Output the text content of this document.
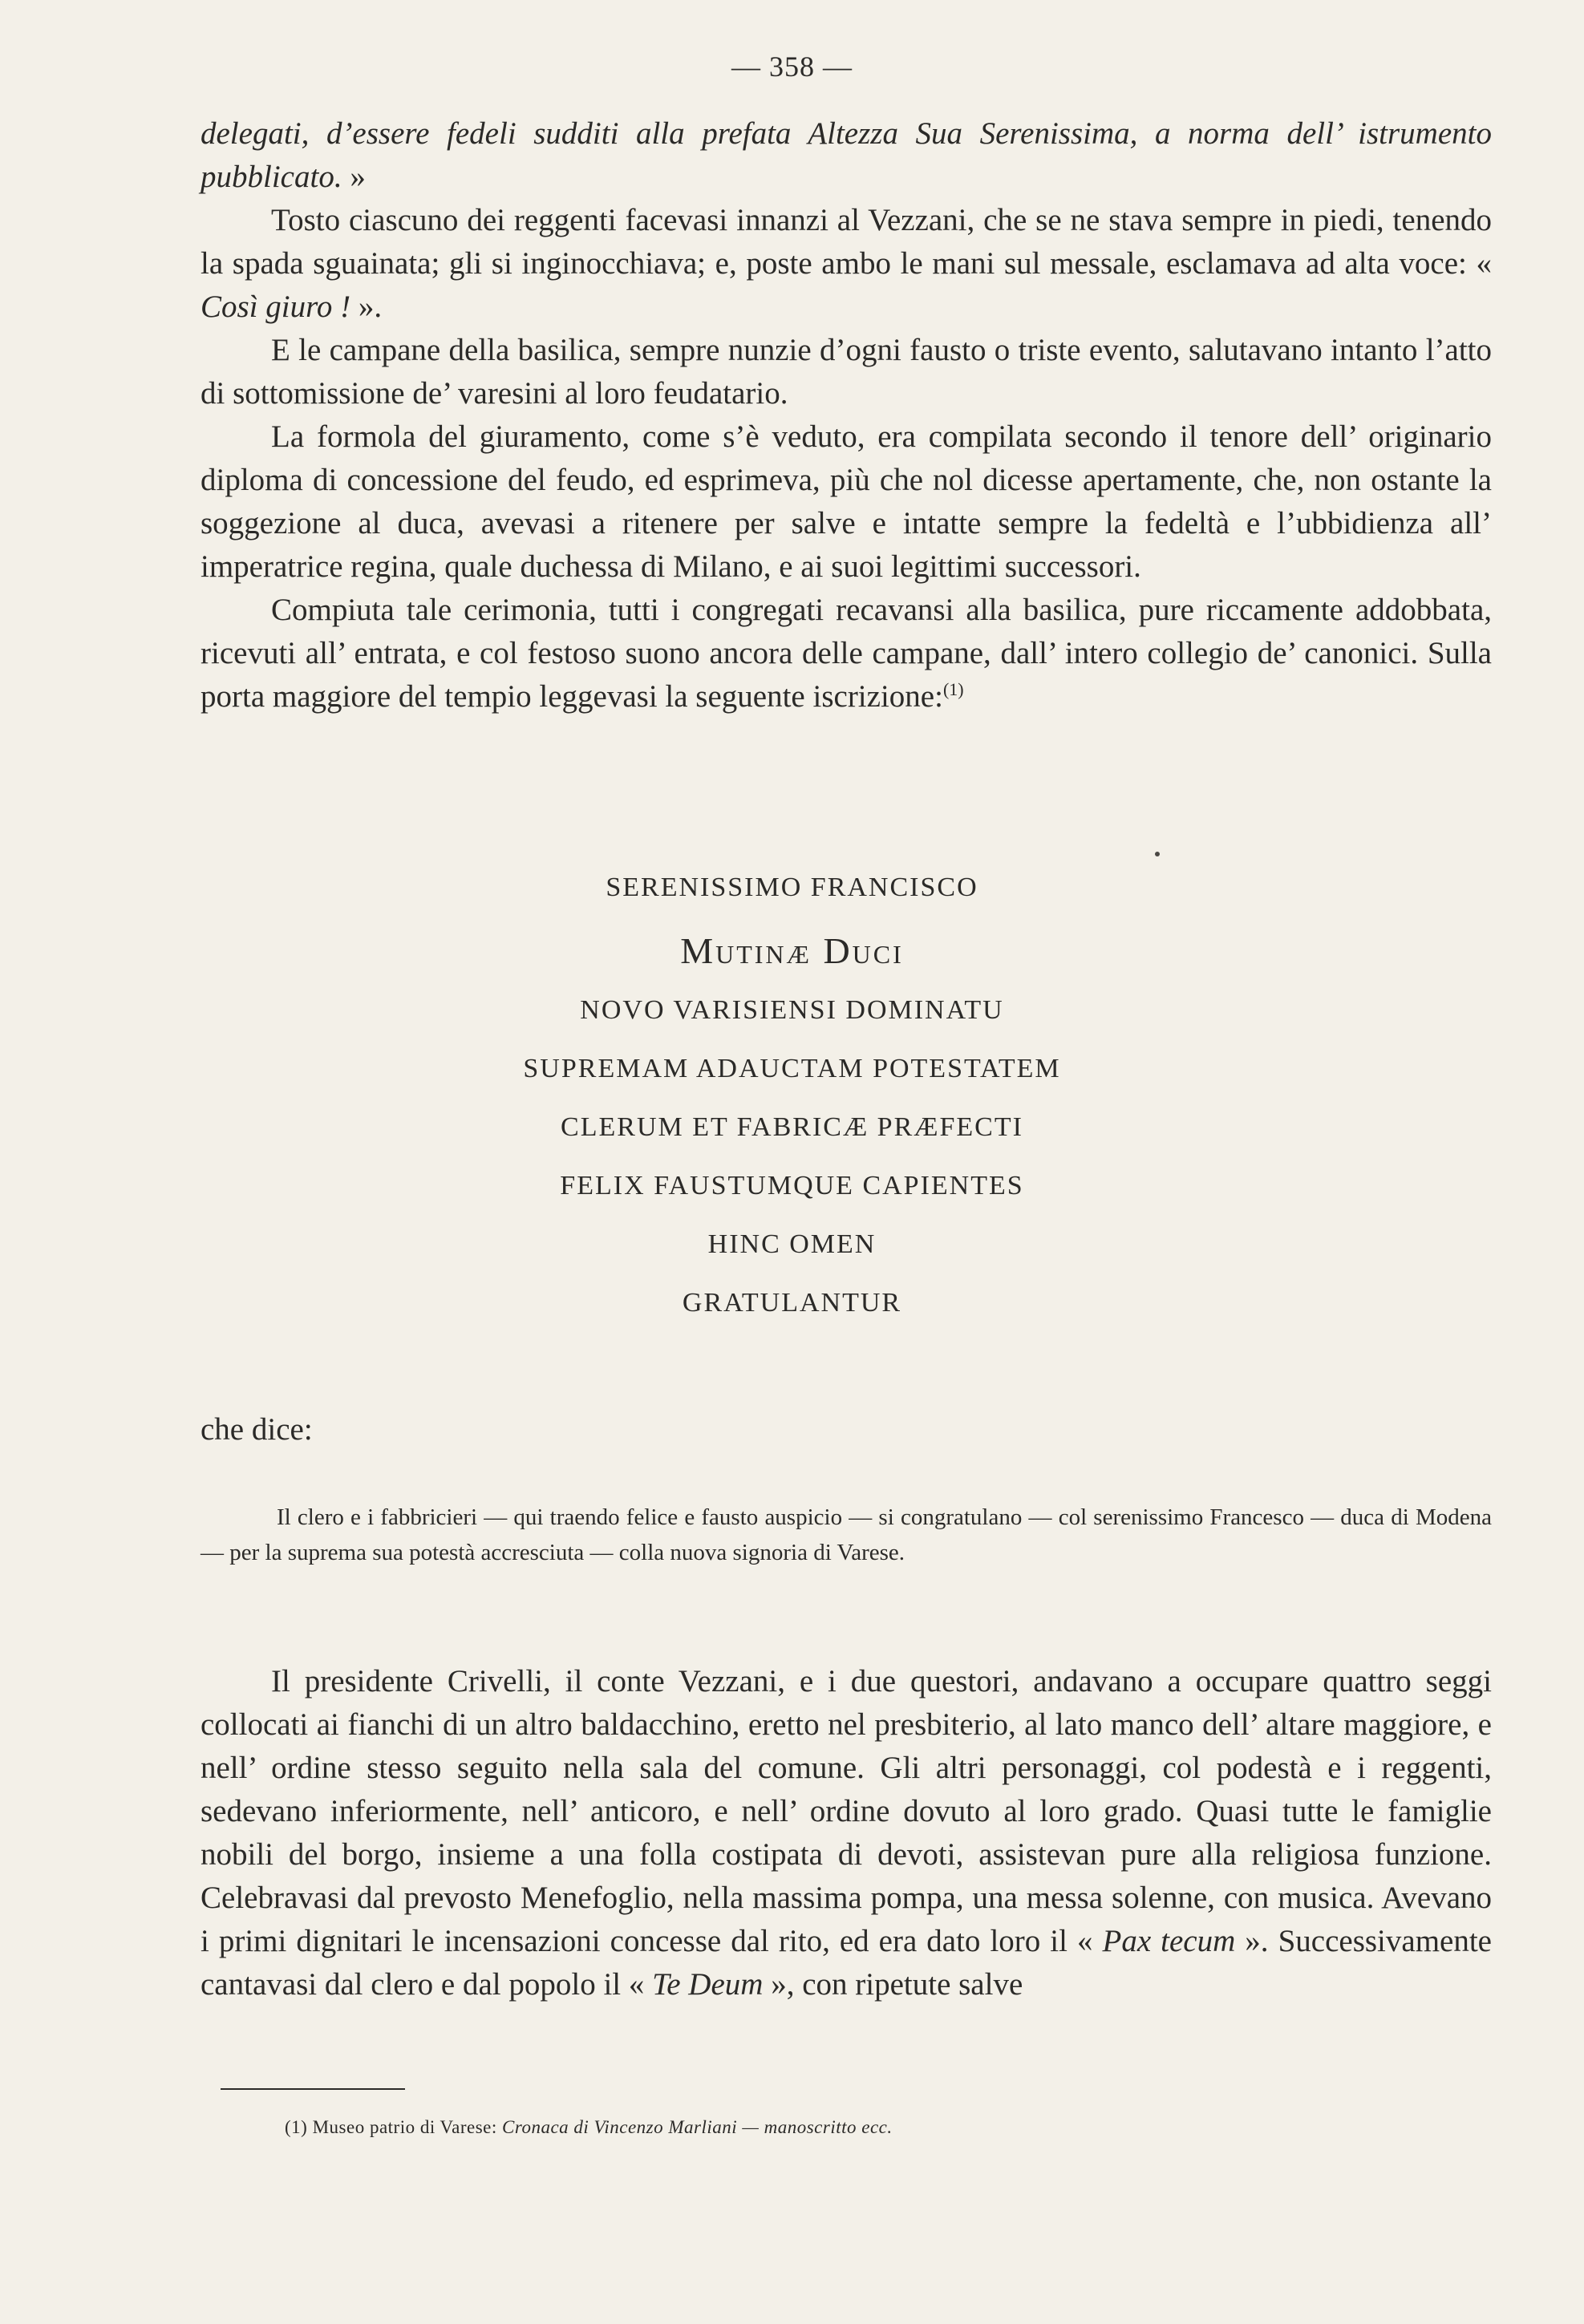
— 358 —

delegati, d’essere fedeli sudditi alla prefata Altezza Sua Serenissima, a norma dell’ istrumento pubblicato. »

Tosto ciascuno dei reggenti facevasi innanzi al Vezzani, che se ne stava sempre in piedi, tenendo la spada sguainata; gli si inginocchiava; e, poste ambo le mani sul messale, esclamava ad alta voce: « Così giuro ! ».

E le campane della basilica, sempre nunzie d’ogni fausto o triste evento, salutavano intanto l’atto di sottomissione de’ varesini al loro feudatario.

La formola del giuramento, come s’è veduto, era compilata secondo il tenore dell’ originario diploma di concessione del feudo, ed esprimeva, più che nol dicesse apertamente, che, non ostante la soggezione al duca, avevasi a ritenere per salve e intatte sempre la fedeltà e l’ubbidienza all’ imperatrice regina, quale duchessa di Milano, e ai suoi legittimi successori.

Compiuta tale cerimonia, tutti i congregati recavansi alla basilica, pure riccamente addobbata, ricevuti all’ entrata, e col festoso suono ancora delle campane, dall’ intero collegio de’ canonici. Sulla porta maggiore del tempio leggevasi la seguente iscrizione:$^{(1)}$

SERENISSIMO FRANCISCO
Mutinæ Duci
NOVO VARISIENSI DOMINATU
SUPREMAM ADAUCTAM POTESTATEM
CLERUM ET FABRICÆ PRÆFECTI
FELIX FAUSTUMQUE CAPIENTES
HINC OMEN
GRATULANTUR
che dice:

Il clero e i fabbricieri — qui traendo felice e fausto auspicio — si congratulano — col serenissimo Francesco — duca di Modena — per la suprema sua potestà accresciuta — colla nuova signoria di Varese.

Il presidente Crivelli, il conte Vezzani, e i due questori, andavano a occupare quattro seggi collocati ai fianchi di un altro baldacchino, eretto nel presbiterio, al lato manco dell’ altare maggiore, e nell’ ordine stesso seguito nella sala del comune. Gli altri personaggi, col podestà e i reggenti, sedevano inferiormente, nell’ anticoro, e nell’ ordine dovuto al loro grado. Quasi tutte le famiglie nobili del borgo, insieme a una folla costipata di devoti, assistevan pure alla religiosa funzione. Celebravasi dal prevosto Menefoglio, nella massima pompa, una messa solenne, con musica. Avevano i primi dignitari le incensazioni concesse dal rito, ed era dato loro il « Pax tecum ». Successivamente cantavasi dal clero e dal popolo il « Te Deum », con ripetute salve

(1) Museo patrio di Varese: Cronaca di Vincenzo Marliani — manoscritto ecc.
